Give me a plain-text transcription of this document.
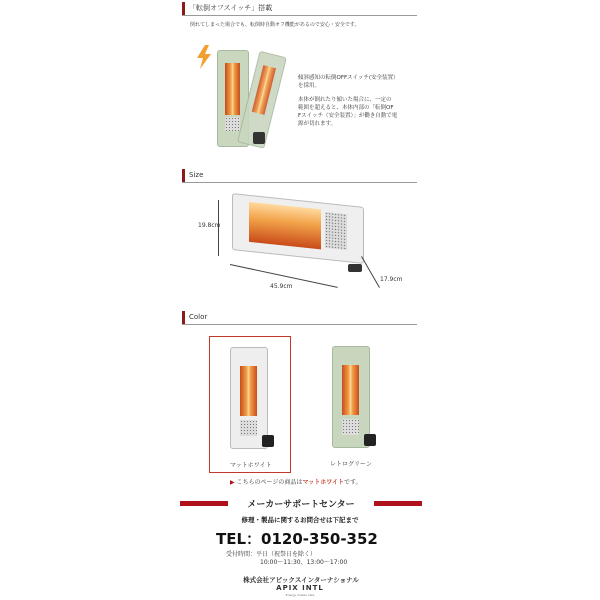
「転倒オフスイッチ」搭載
倒れてしまった場合でも、転倒時自動オフ機能があるので安心・安全です。
傾斜感知の転倒OFFスイッチ(安全装置）を採用。
本体が倒れたり傾いた場合に、一定の
範囲を超えると、本体内部の「転倒OF
Fスイッチ（安全装置）」が働き自動で電
源が切れます。
Size
19.8cm
45.9cm
17.9cm
Color
マットホワイト	レトログリーン
▶ こちらのページの商品はマットホワイトです。
メーカーサポートセンター
修理・製品に関するお問合せは下記まで
TEL：0120-350-352
受付時間：平日（祝祭日を除く）
10:00～11:30、13:00～17:00
株式会社アピックスインターナショナル
APIX INTL
Energy makes idea
